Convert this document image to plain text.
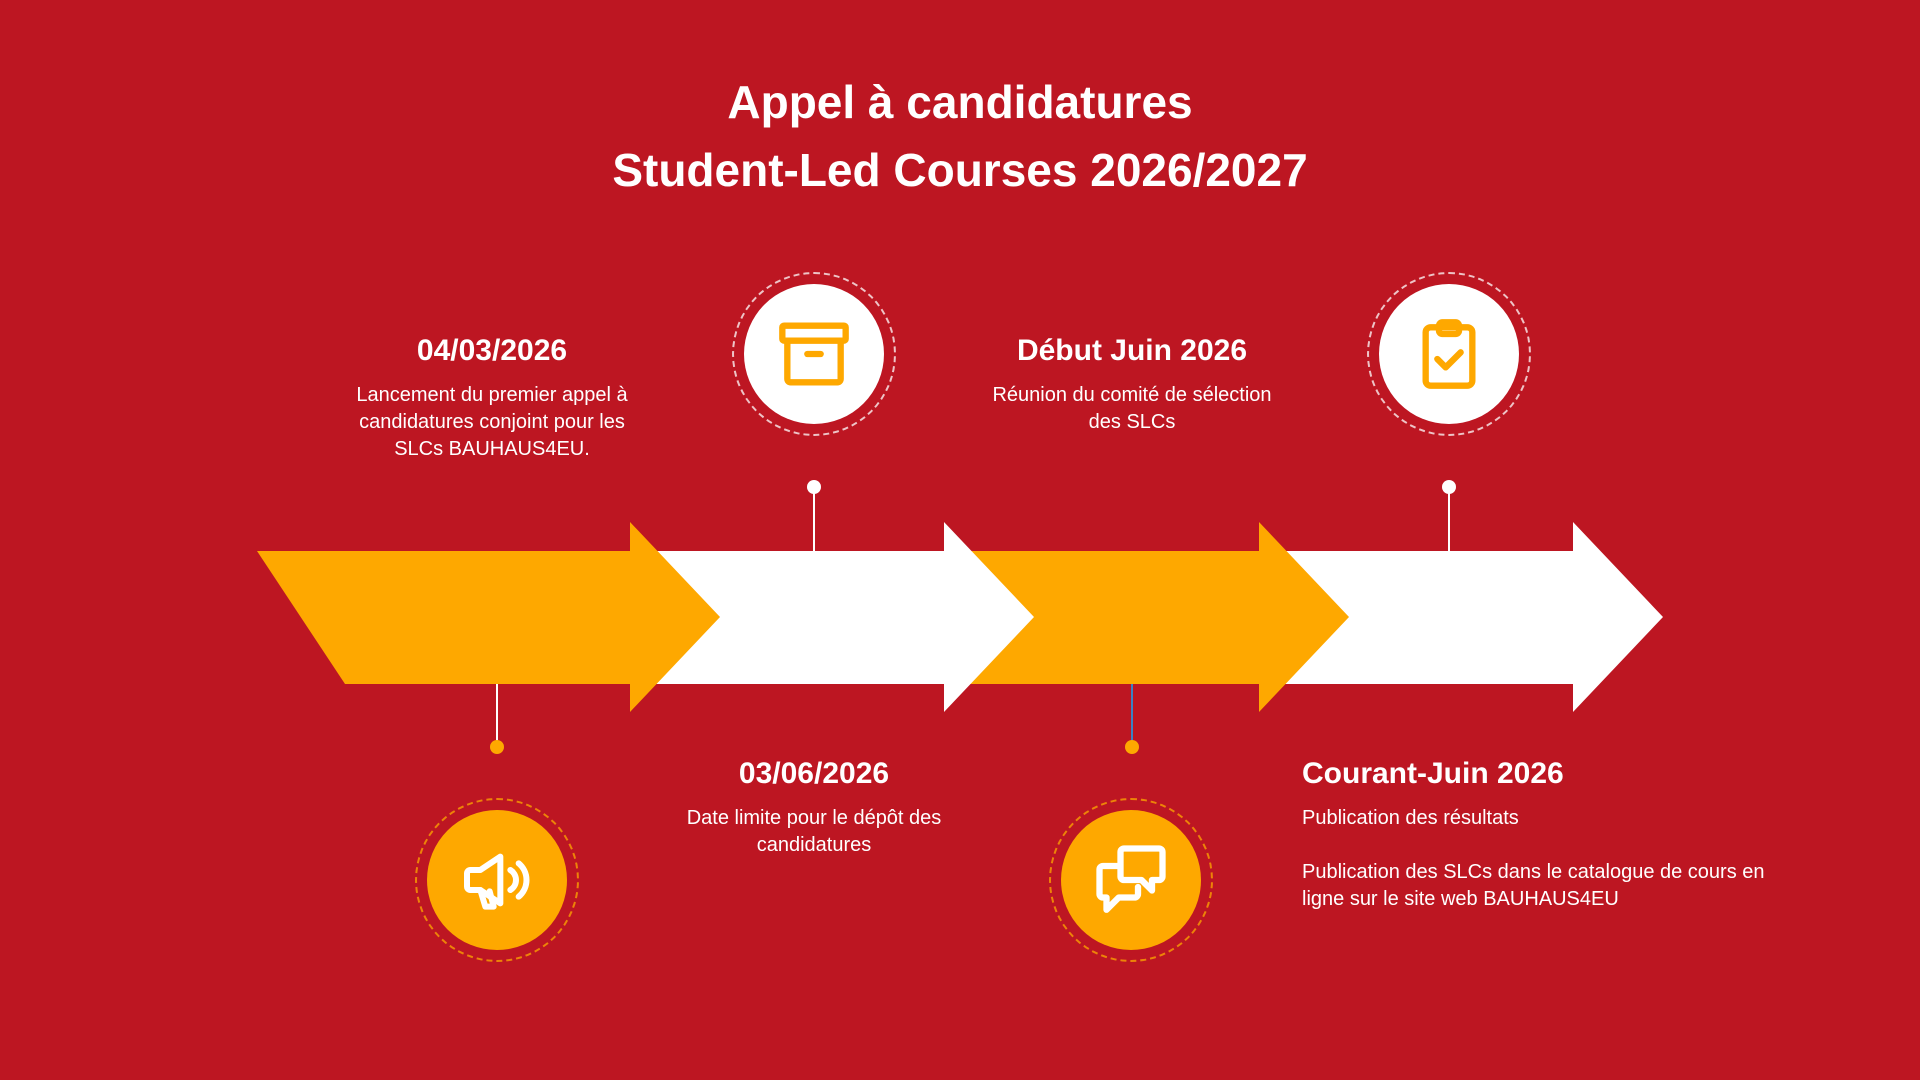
Appel à candidatures
Student-Led Courses 2026/2027
04/03/2026
Lancement du premier appel à candidatures conjoint pour les SLCs BAUHAUS4EU.
03/06/2026
Date limite pour le dépôt des candidatures
Début Juin 2026
Réunion du comité de sélection des SLCs
Courant-Juin 2026

Publication des résultats

Publication des SLCs dans le catalogue de cours en ligne sur le site web BAUHAUS4EU
